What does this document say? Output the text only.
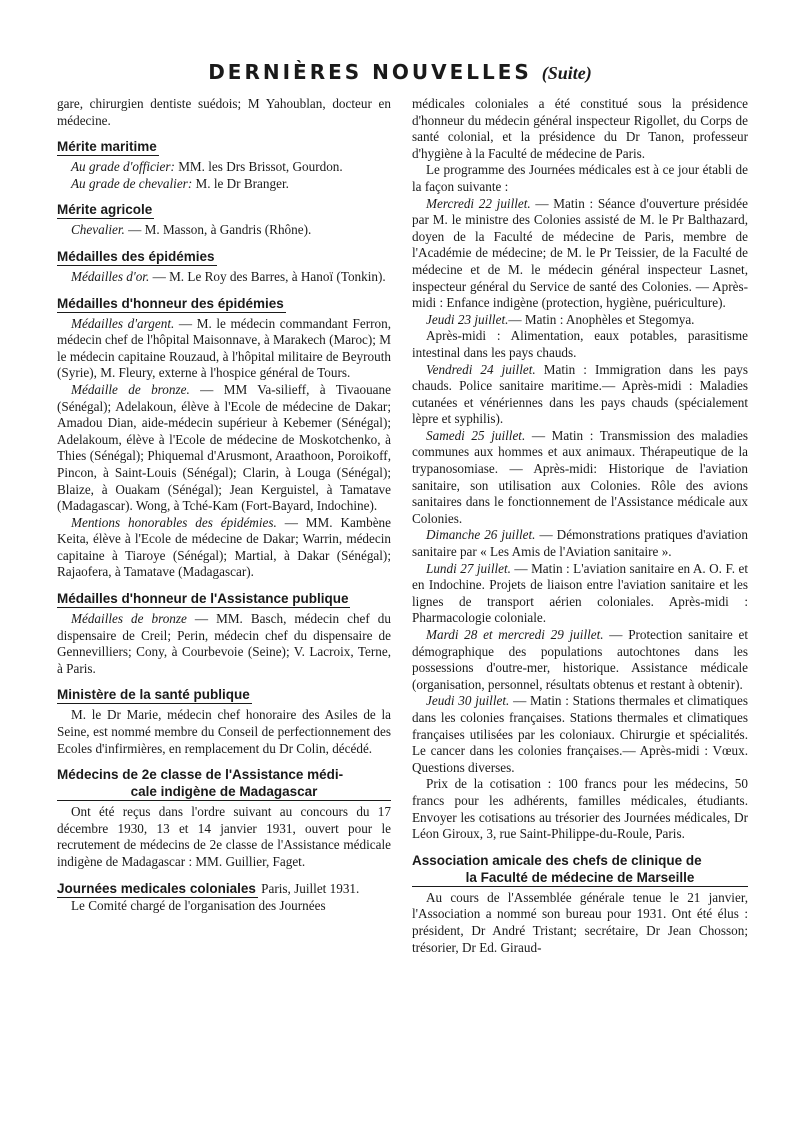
DERNIÈRES NOUVELLES (Suite)

gare, chirurgien dentiste suédois; M Yahoublan, docteur en médecine.

Mérite maritime

Au grade d'officier: MM. les Drs Brissot, Gourdon.

Au grade de chevalier: M. le Dr Branger.

Mérite agricole

Chevalier. — M. Masson, à Gandris (Rhône).

Médailles des épidémies

Médailles d'or. — M. Le Roy des Barres, à Hanoï (Tonkin).

Médailles d'honneur des épidémies

Médailles d'argent. — M. le médecin commandant Ferron, médecin chef de l'hôpital Maisonnave, à Marakech (Maroc); M le médecin capitaine Rouzaud, à l'hôpital militaire de Beyrouth (Syrie), M. Fleury, externe à l'hospice général de Tours.

Médaille de bronze. — MM Va-silieff, à Tivaouane (Sénégal); Adelakoun, élève à l'Ecole de médecine de Dakar; Amadou Dian, aide-médecin supérieur à Kebemer (Sénégal); Adelakoum, élève à l'Ecole de médecine de Moskotchenko, à Thies (Sénégal); Phiquemal d'Arusmont, Araathoon, Poroikoff, Pincon, à Saint-Louis (Sénégal); Clarin, à Louga (Sénégal); Blaize, à Ouakam (Sénégal); Jean Kerguistel, à Tamatave (Madagascar). Wong, à Tché-Kam (Fort-Bayard, Indochine).

Mentions honorables des épidémies. — MM. Kambène Keita, élève à l'Ecole de médecine de Dakar; Warrin, médecin capitaine à Tiaroye (Sénégal); Martial, à Dakar (Sénégal); Rajaofera, à Tamatave (Madagascar).

Médailles d'honneur de l'Assistance publique

Médailles de bronze — MM. Basch, médecin chef du dispensaire de Creil; Perin, médecin chef du dispensaire de Gennevilliers; Cony, à Courbevoie (Seine); V. Lacroix, Terne, à Paris.

Ministère de la santé publique

M. le Dr Marie, médecin chef honoraire des Asiles de la Seine, est nommé membre du Conseil de perfectionnement des Ecoles d'infirmières, en remplacement du Dr Colin, décédé.

Médecins de 2e classe de l'Assistance médi-
cale indigène de Madagascar

Ont été reçus dans l'ordre suivant au concours du 17 décembre 1930, 13 et 14 janvier 1931, ouvert pour le recrutement de médecins de 2e classe de l'Assistance médicale indigène de Madagascar : MM. Guillier, Faget.

Journées medicales coloniales Paris, Juillet 1931.

Le Comité chargé de l'organisation des Journées

médicales coloniales a été constitué sous la présidence d'honneur du médecin général inspecteur Rigollet, du Corps de santé colonial, et la présidence du Dr Tanon, professeur d'hygiène à la Faculté de médecine de Paris.

Le programme des Journées médicales est à ce jour établi de la façon suivante :

Mercredi 22 juillet. — Matin : Séance d'ouverture présidée par M. le ministre des Colonies assisté de M. le Pr Balthazard, doyen de la Faculté de médecine de Paris, membre de l'Académie de médecine; de M. le Pr Teissier, de la Faculté de médecine et de M. le médecin général inspecteur Lasnet, inspecteur général du Service de santé des Colonies. — Après-midi : Enfance indigène (protection, hygiène, puériculture).

Jeudi 23 juillet.— Matin : Anophèles et Stegomya.

Après-midi : Alimentation, eaux potables, parasitisme intestinal dans les pays chauds.

Vendredi 24 juillet. Matin : Immigration dans les pays chauds. Police sanitaire maritime.— Après-midi : Maladies cutanées et vénériennes dans les pays chauds (spécialement lèpre et syphilis).

Samedi 25 juillet. — Matin : Transmission des maladies communes aux hommes et aux animaux. Thérapeutique de la trypanosomiase. — Après-midi: Historique de l'aviation sanitaire, son utilisation aux Colonies. Rôle des avions sanitaires dans le fonctionnement de l'Assistance médicale aux Colonies.

Dimanche 26 juillet. — Démonstrations pratiques d'aviation sanitaire par « Les Amis de l'Aviation sanitaire ».

Lundi 27 juillet. — Matin : L'aviation sanitaire en A. O. F. et en Indochine. Projets de liaison entre l'aviation sanitaire et les lignes de transport aérien coloniales. Après-midi : Pharmacologie coloniale.

Mardi 28 et mercredi 29 juillet. — Protection sanitaire et démographique des populations autochtones dans les possessions d'outre-mer, historique. Assistance médicale (organisation, personnel, résultats obtenus et restant à obtenir).

Jeudi 30 juillet. — Matin : Stations thermales et climatiques dans les colonies françaises. Stations thermales et climatiques françaises utilisées par les coloniaux. Chirurgie et spécialités. Le cancer dans les colonies françaises.— Après-midi : Vœux. Questions diverses.

Prix de la cotisation : 100 francs pour les médecins, 50 francs pour les adhérents, familles médicales, étudiants. Envoyer les cotisations au trésorier des Journées médicales, Dr Léon Giroux, 3, rue Saint-Philippe-du-Roule, Paris.

Association amicale des chefs de clinique de
la Faculté de médecine de Marseille

Au cours de l'Assemblée générale tenue le 21 janvier, l'Association a nommé son bureau pour 1931. Ont été élus : président, Dr André Tristant; secrétaire, Dr Jean Chosson; trésorier, Dr Ed. Giraud-
